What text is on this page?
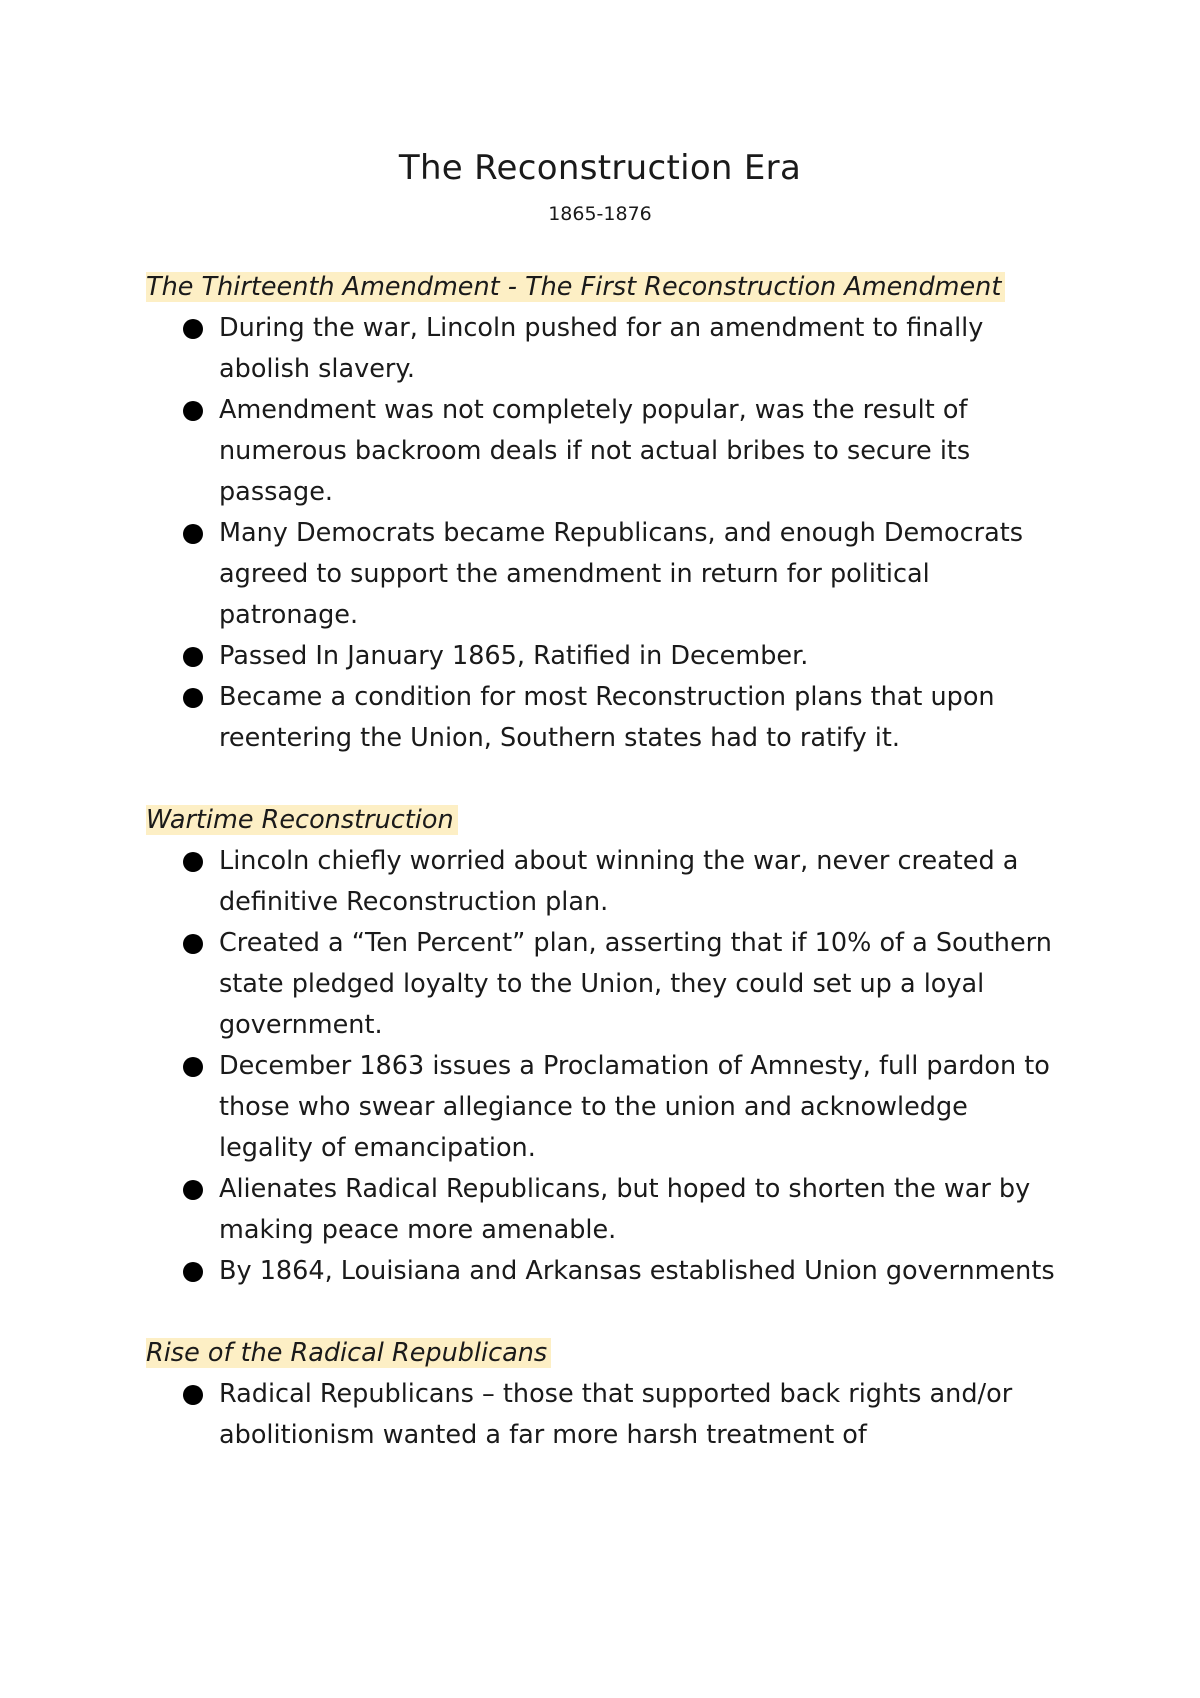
The Reconstruction Era

1865-1876

The Thirteenth Amendment - The First Reconstruction Amendment
During the war, Lincoln pushed for an amendment to finally abolish slavery.
Amendment was not completely popular, was the result of numerous backroom deals if not actual bribes to secure its passage.
Many Democrats became Republicans, and enough Democrats agreed to support the amendment in return for political patronage.
Passed In January 1865, Ratified in December.
Became a condition for most Reconstruction plans that upon reentering the Union, Southern states had to ratify it.
Wartime Reconstruction
Lincoln chiefly worried about winning the war, never created a definitive Reconstruction plan.
Created a “Ten Percent” plan, asserting that if 10% of a Southern state pledged loyalty to the Union, they could set up a loyal government.
December 1863 issues a Proclamation of Amnesty, full pardon to those who swear allegiance to the union and acknowledge legality of emancipation.
Alienates Radical Republicans, but hoped to shorten the war by making peace more amenable.
By 1864, Louisiana and Arkansas established Union governments
Rise of the Radical Republicans
Radical Republicans – those that supported back rights and/or abolitionism wanted a far more harsh treatment of
